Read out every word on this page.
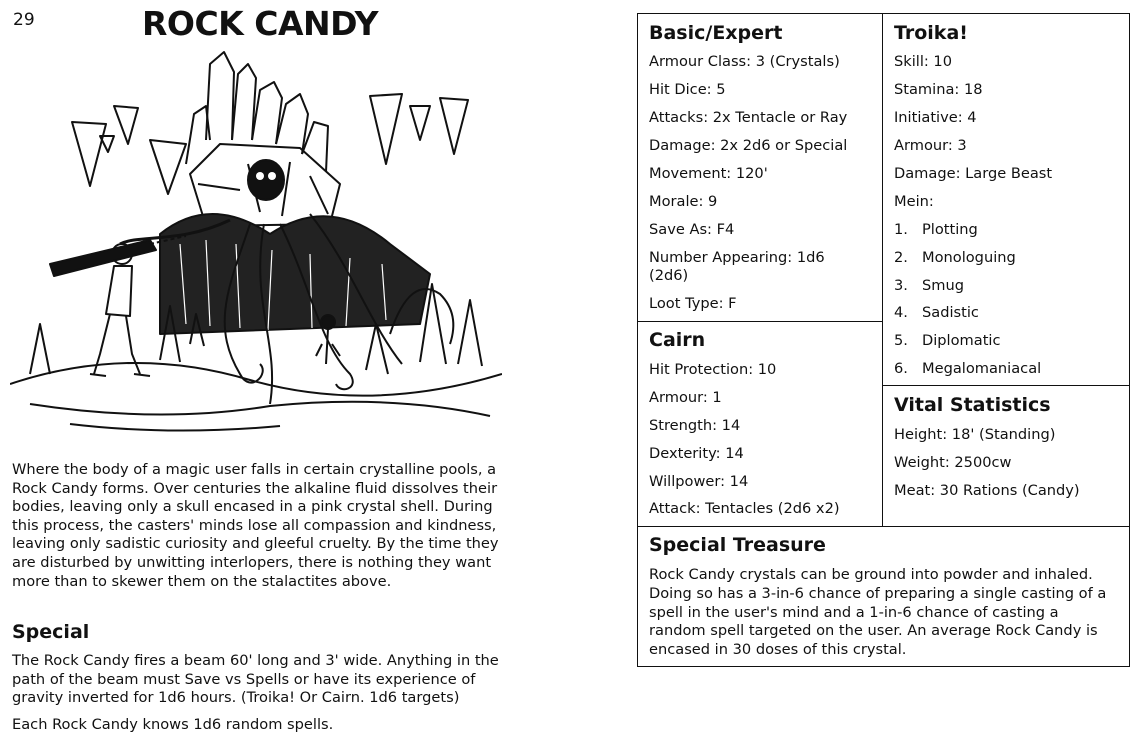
29	ROCK CANDY

Where the body of a magic user falls in certain crystalline pools, a Rock Candy forms. Over centuries the alkaline fluid dissolves their bodies, leaving only a skull encased in a pink crystal shell. During this process, the casters' minds lose all compassion and kindness, leaving only sadistic curiosity and gleeful cruelty. By the time they are disturbed by unwitting interlopers, there is nothing they want more than to skewer them on the stalactites above.

Special

The Rock Candy fires a beam 60' long and 3' wide. Anything in the path of the beam must Save vs Spells or have its experience of gravity inverted for 1d6 hours. (Troika! Or Cairn. 1d6 targets)

Each Rock Candy knows 1d6 random spells.

Basic/Expert
Armour Class: 3 (Crystals)
Hit Dice: 5
Attacks: 2x Tentacle or Ray
Damage: 2x 2d6 or Special
Movement: 120'
Morale: 9
Save As: F4
Number Appearing: 1d6 (2d6)
Loot Type: F
Cairn
Hit Protection: 10
Armour: 1
Strength: 14
Dexterity: 14
Willpower: 14
Attack: Tentacles (2d6 x2)
Troika!
Skill: 10
Stamina: 18
Initiative: 4
Armour: 3
Damage: Large Beast
Mein:
1. Plotting
2. Monologuing
3. Smug
4. Sadistic
5. Diplomatic
6. Megalomaniacal
Vital Statistics
Height: 18' (Standing)
Weight: 2500cw
Meat: 30 Rations (Candy)
Special Treasure
Rock Candy crystals can be ground into powder and inhaled. Doing so has a 3-in-6 chance of preparing a single casting of a spell in the user's mind and a 1-in-6 chance of casting a random spell targeted on the user. An average Rock Candy is encased in 30 doses of this crystal.
